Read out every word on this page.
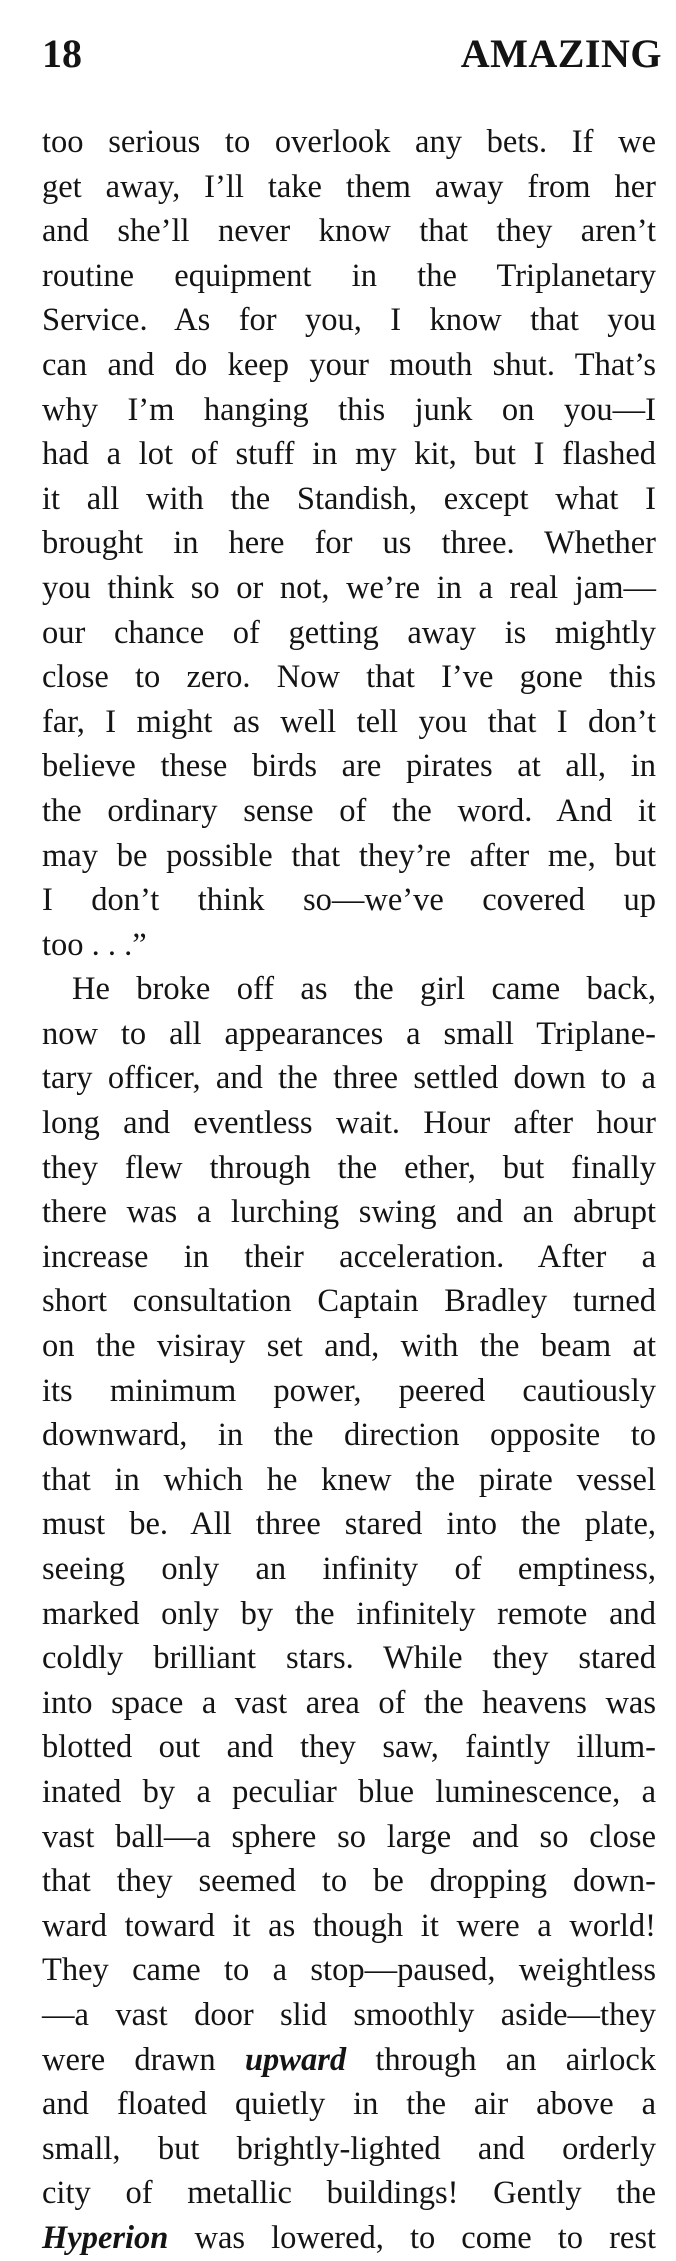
18	AMAZING
too serious to overlook any bets. If we
get away, I’ll take them away from her
and she’ll never know that they aren’t
routine equipment in the Triplanetary
Service. As for you, I know that you
can and do keep your mouth shut. That’s
why I’m hanging this junk on you—I
had a lot of stuff in my kit, but I flashed
it all with the Standish, except what I
brought in here for us three. Whether
you think so or not, we’re in a real jam—
our chance of getting away is mightly
close to zero. Now that I’ve gone this
far, I might as well tell you that I don’t
believe these birds are pirates at all, in
the ordinary sense of the word. And it
may be possible that they’re after me, but
I don’t think so—we’ve covered up
too . . .”
He broke off as the girl came back,
now to all appearances a small Triplane-
tary officer, and the three settled down to a
long and eventless wait. Hour after hour
they flew through the ether, but finally
there was a lurching swing and an abrupt
increase in their acceleration. After a
short consultation Captain Bradley turned
on the visiray set and, with the beam at
its minimum power, peered cautiously
downward, in the direction opposite to
that in which he knew the pirate vessel
must be. All three stared into the plate,
seeing only an infinity of emptiness,
marked only by the infinitely remote and
coldly brilliant stars. While they stared
into space a vast area of the heavens was
blotted out and they saw, faintly illum-
inated by a peculiar blue luminescence, a
vast ball—a sphere so large and so close
that they seemed to be dropping down-
ward toward it as though it were a world!
They came to a stop—paused, weightless
—a vast door slid smoothly aside—they
were drawn upward through an airlock
and floated quietly in the air above a
small, but brightly-lighted and orderly
city of metallic buildings! Gently the
Hyperion was lowered, to come to rest
